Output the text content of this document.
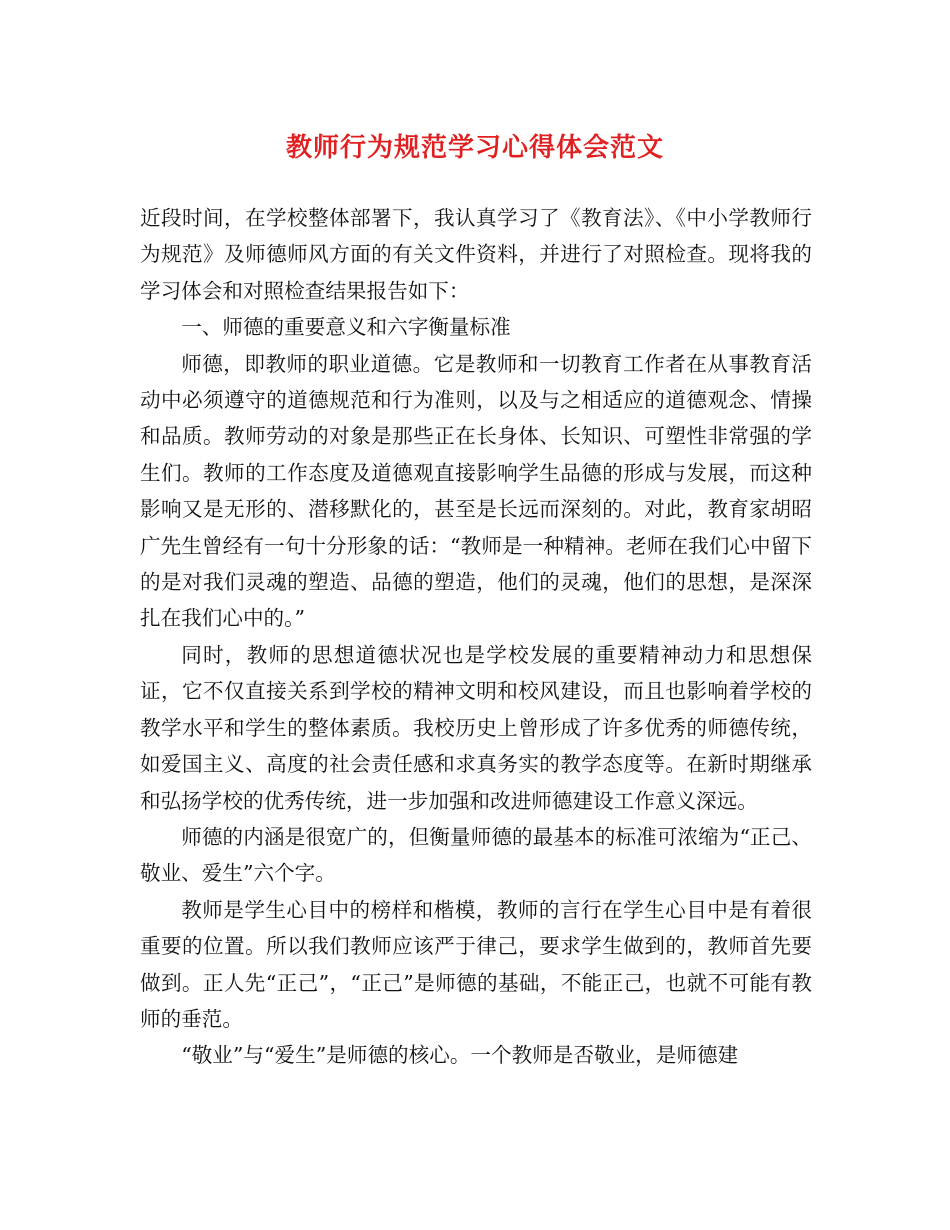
教师行为规范学习心得体会范文

近段时间，在学校整体部署下，我认真学习了《教育法》、《中小学教师行为规范》及师德师风方面的有关文件资料，并进行了对照检查。现将我的学习体会和对照检查结果报告如下：

一、师德的重要意义和六字衡量标准

师德，即教师的职业道德。它是教师和一切教育工作者在从事教育活动中必须遵守的道德规范和行为准则，以及与之相适应的道德观念、情操和品质。教师劳动的对象是那些正在长身体、长知识、可塑性非常强的学生们。教师的工作态度及道德观直接影响学生品德的形成与发展，而这种影响又是无形的、潜移默化的，甚至是长远而深刻的。对此，教育家胡昭广先生曾经有一句十分形象的话：“教师是一种精神。老师在我们心中留下的是对我们灵魂的塑造、品德的塑造，他们的灵魂，他们的思想，是深深扎在我们心中的。”

同时，教师的思想道德状况也是学校发展的重要精神动力和思想保证，它不仅直接关系到学校的精神文明和校风建设，而且也影响着学校的教学水平和学生的整体素质。我校历史上曾形成了许多优秀的师德传统，如爱国主义、高度的社会责任感和求真务实的教学态度等。在新时期继承和弘扬学校的优秀传统，进一步加强和改进师德建设工作意义深远。

师德的内涵是很宽广的，但衡量师德的最基本的标准可浓缩为“正己、敬业、爱生”六个字。

教师是学生心目中的榜样和楷模，教师的言行在学生心目中是有着很重要的位置。所以我们教师应该严于律己，要求学生做到的，教师首先要做到。正人先“正己”，“正己”是师德的基础，不能正己，也就不可能有教师的垂范。

“敬业”与“爱生”是师德的核心。一个教师是否敬业，是师德建
